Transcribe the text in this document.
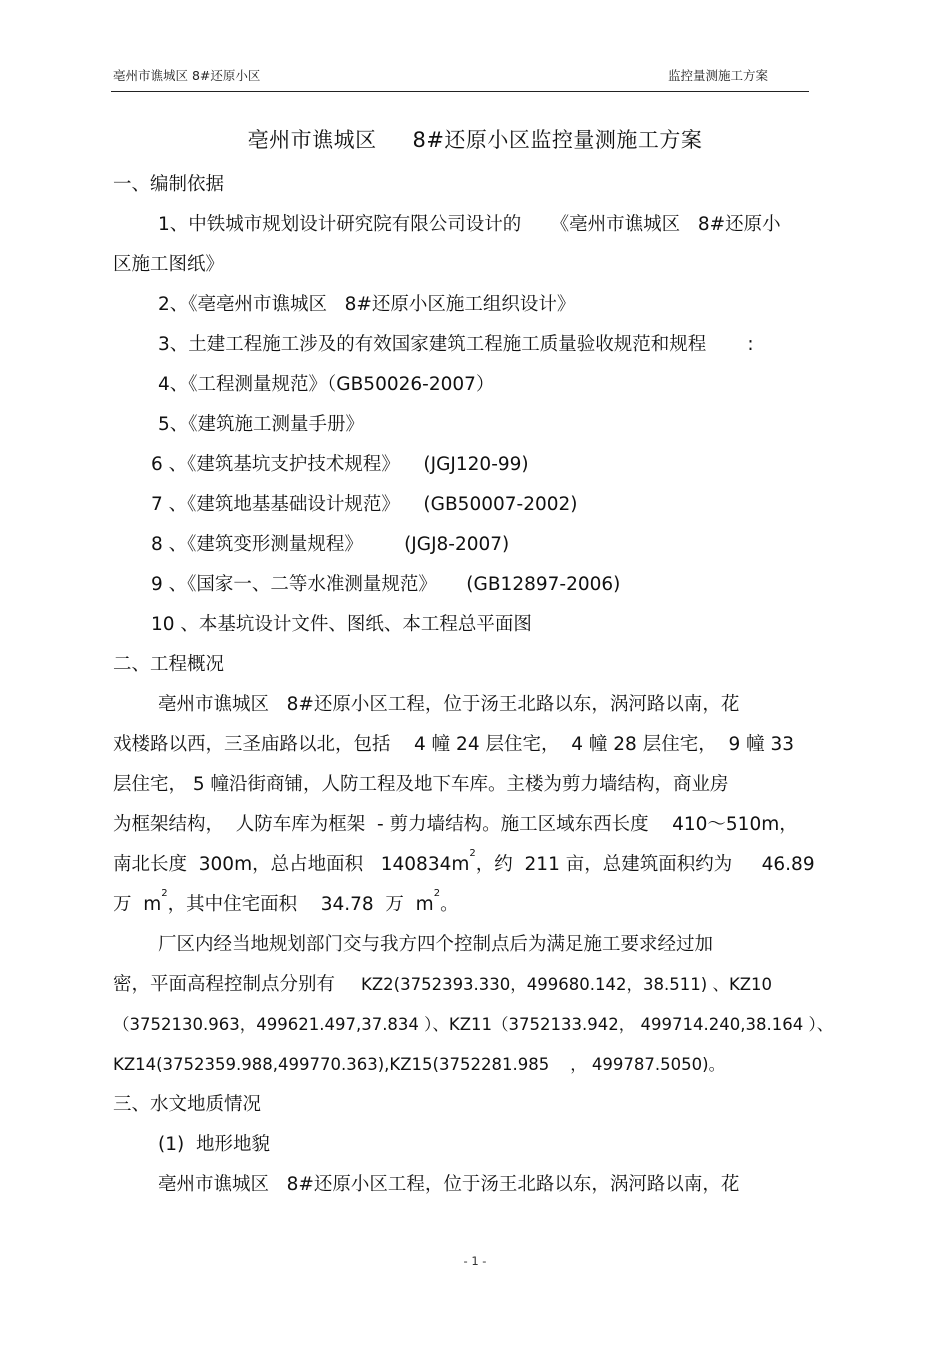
亳州市谯城区 8#还原小区	监控量测施工方案
亳州市谯城区     8#还原小区监控量测施工方案
一、编制依据
1、中铁城市规划设计研究院有限公司设计的     《亳州市谯城区   8#还原小
区施工图纸》
2、《亳亳州市谯城区   8#还原小区施工组织设计》
3、土建工程施工涉及的有效国家建筑工程施工质量验收规范和规程       :
4、《工程测量规范》（GB50026-2007）
5、《建筑施工测量手册》
6 、《建筑基坑支护技术规程》    (JGJ120-99)
7 、《建筑地基基础设计规范》    (GB50007-2002)
8 、《建筑变形测量规程》       (JGJ8-2007)
9 、《国家一、二等水准测量规范》     (GB12897-2006)
10 、本基坑设计文件、图纸、本工程总平面图
二、工程概况
亳州市谯城区   8#还原小区工程，位于汤王北路以东，涡河路以南，花
戏楼路以西，三圣庙路以北，包括    4 幢 24 层住宅，  4 幢 28 层住宅，  9 幢 33
层住宅， 5 幢沿街商铺，人防工程及地下车库。主楼为剪力墙结构，商业房
为框架结构，  人防车库为框架  - 剪力墙结构。施工区域东西长度    410～510m，
南北长度  300m，总占地面积   $140834m^2$，约  211 亩，总建筑面积约为     46.89
万  $m^2$，其中住宅面积    34.78  万  $m^2$。
厂区内经当地规划部门交与我方四个控制点后为满足施工要求经过加
密，平面高程控制点分别有 KZ2(3752393.330，499680.142，38.511) 、KZ10
（3752130.963，499621.497,37.834 ）、KZ11（3752133.942， 499714.240,38.164 ）、
KZ14(3752359.988,499770.363),KZ15(3752281.985    ， 499787.5050)。
三、水文地质情况
(1)  地形地貌
亳州市谯城区   8#还原小区工程，位于汤王北路以东，涡河路以南，花
- 1 -
